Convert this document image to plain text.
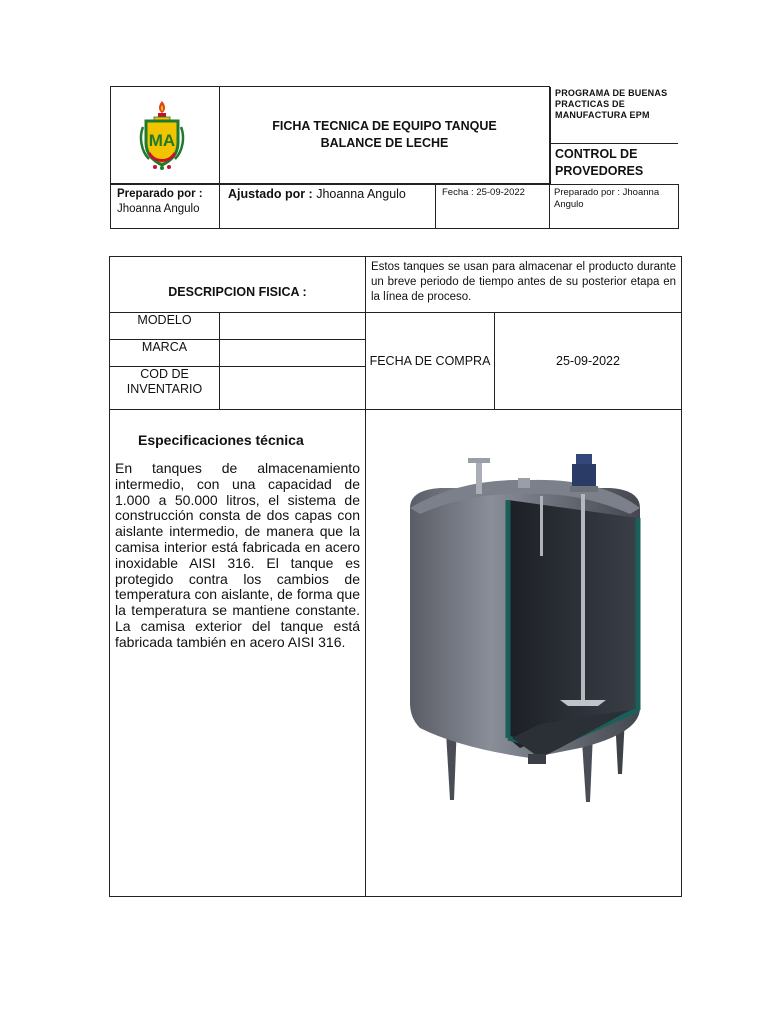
MA

FICHA TECNICA DE EQUIPO TANQUE
BALANCE DE LECHE

PROGRAMA DE BUENAS PRACTICAS DE MANUFACTURA EPM
CONTROL DE PROVEDORES

Preparado por :
Jhoanna Angulo
	Ajustado por : Jhoanna Angulo	Fecha : 25-09-2022	Preparado por : Jhoanna Angulo
DESCRIPCION FISICA :		Estos tanques se usan para almacenar el producto durante un breve periodo de tiempo antes de su posterior etapa en la línea de proceso.	
MODELO		FECHA DE COMPRA	25-09-2022
MARCA			
COD DE INVENTARIO			

Especificaciones técnica

En tanques de almacenamiento intermedio, con una capacidad de 1.000 a 50.000 litros, el sistema de construcción consta de dos capas con aislante intermedio, de manera que la camisa interior está fabricada en acero inoxidable AISI 316. El tanque es protegido contra los cambios de temperatura con aislante, de forma que la temperatura se mantiene constante. La camisa exterior del tanque está fabricada también en acero AISI 316.
